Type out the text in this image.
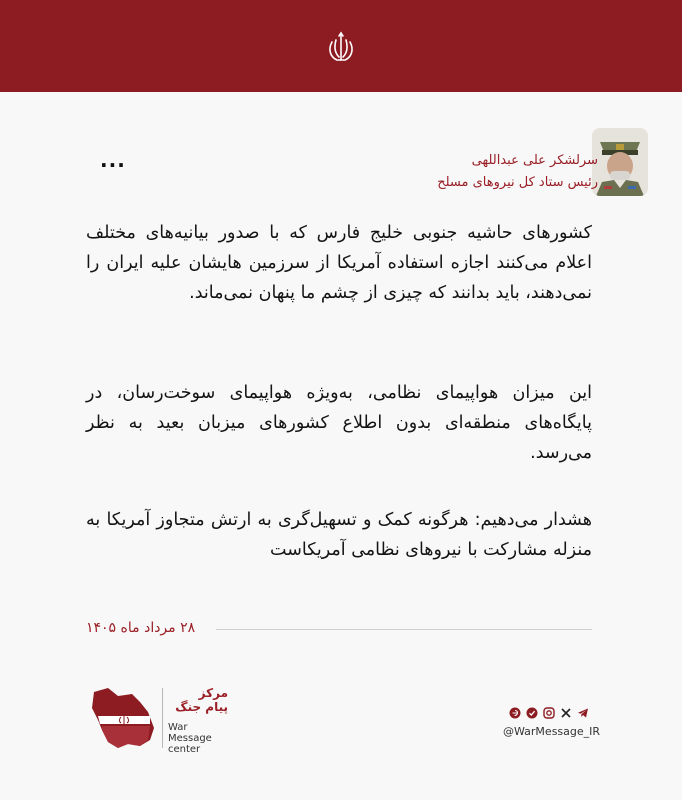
سرلشکر علی عبداللهی
رئیس ستاد کل نیروهای مسلح
...

کشورهای حاشیه جنوبی خلیج فارس که با صدور بیانیه‌های مختلف اعلام می‌کنند اجازه استفاده آمریکا از سرزمین هایشان علیه ایران را نمی‌دهند، باید بدانند که چیزی از چشم ما پنهان نمی‌ماند.

این میزان هواپیمای نظامی، به‌ویژه هواپیمای سوخت‌رسان، در پایگاه‌های منطقه‌ای بدون اطلاع کشورهای میزبان بعید به نظر می‌رسد.

هشدار می‌دهیم: هرگونه کمک و تسهیل‌گری به ارتش متجاوز آمریکا به منزله مشارکت با نیروهای نظامی آمریکاست

۲۸ مرداد ماه ۱۴۰۵
مرکز
پیام جنگ
War Message
center
@WarMessage_IR
